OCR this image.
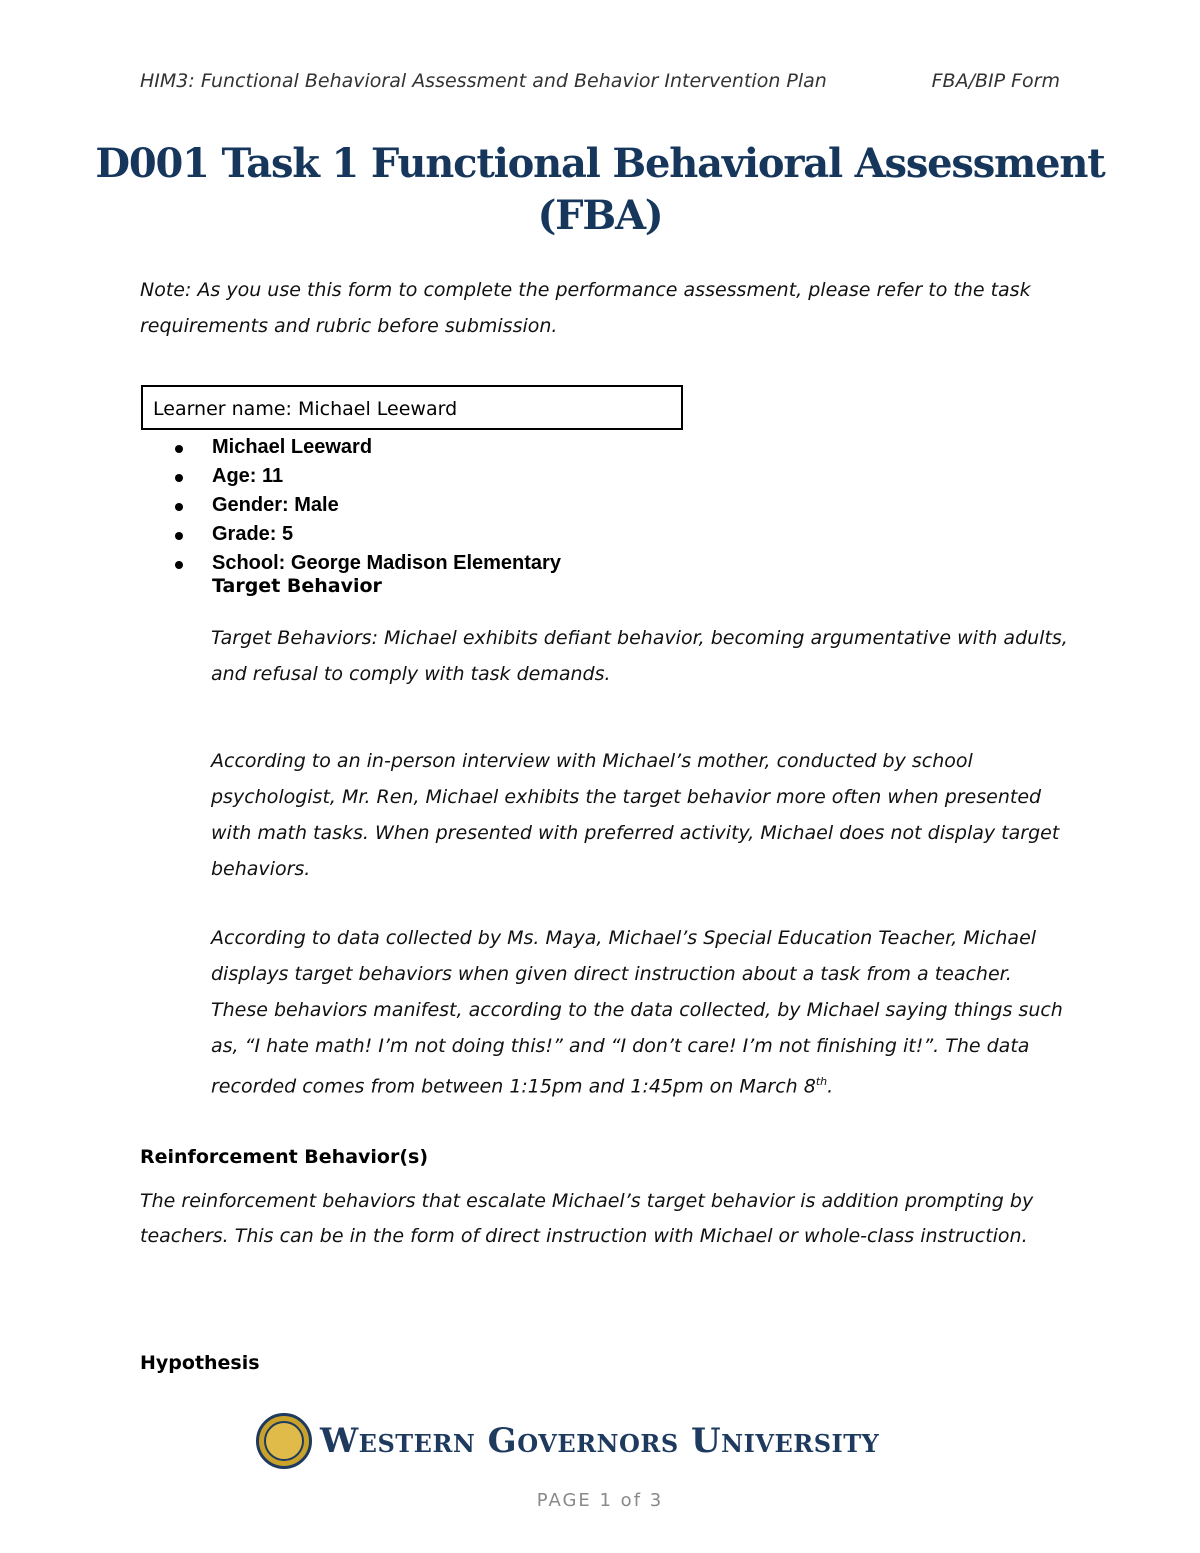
HIM3: Functional Behavioral Assessment and Behavior Intervention Plan	FBA/BIP Form
D001 Task 1 Functional Behavioral Assessment
(FBA)

Note: As you use this form to complete the performance assessment, please refer to the task requirements and rubric before submission.

Learner name: Michael Leeward
Michael Leeward
Age: 11
Gender: Male
Grade: 5
School: George Madison Elementary
Target Behavior

Target Behaviors: Michael exhibits defiant behavior, becoming argumentative with adults, and refusal to comply with task demands.

According to an in-person interview with Michael’s mother, conducted by school psychologist, Mr. Ren, Michael exhibits the target behavior more often when presented with math tasks. When presented with preferred activity, Michael does not display target behaviors.

According to data collected by Ms. Maya, Michael’s Special Education Teacher, Michael displays target behaviors when given direct instruction about a task from a teacher. These behaviors manifest, according to the data collected, by Michael saying things such as, “I hate math! I’m not doing this!” and “I don’t care! I’m not finishing it!”. The data recorded comes from between 1:15pm and 1:45pm on March 8th.

Reinforcement Behavior(s)

The reinforcement behaviors that escalate Michael’s target behavior is addition prompting by teachers. This can be in the form of direct instruction with Michael or whole-class instruction.

Hypothesis
Western Governors University
PAGE 1 of 3
